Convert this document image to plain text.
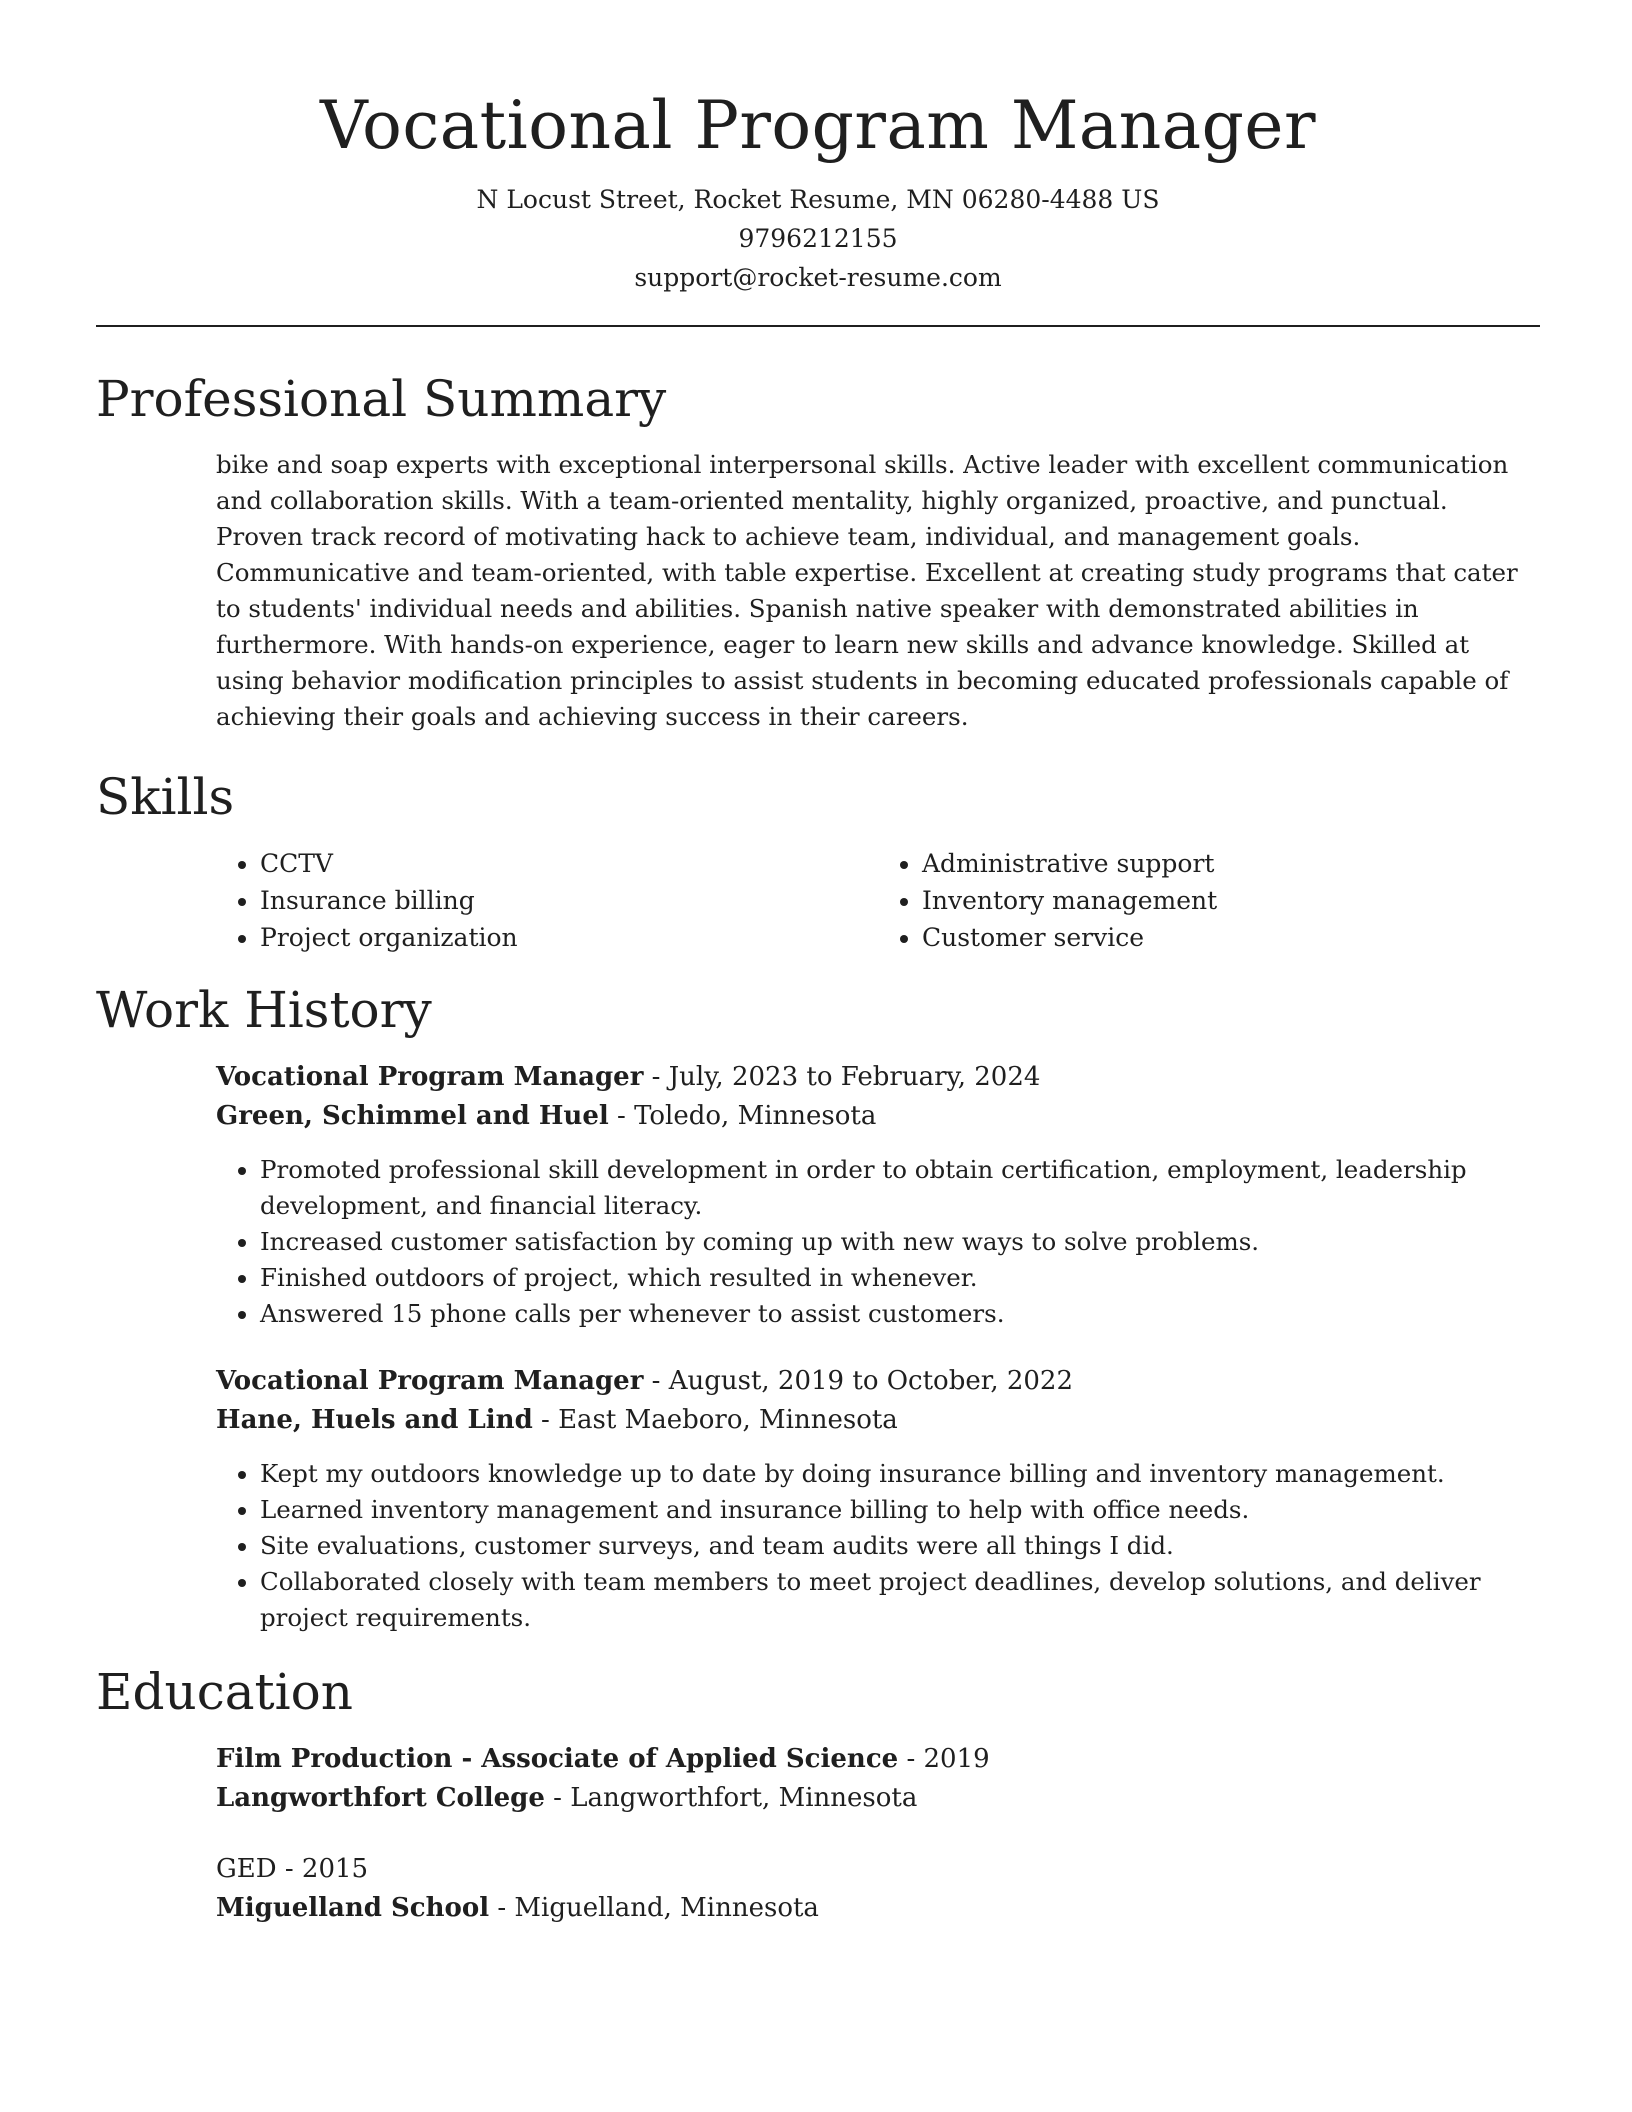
Vocational Program Manager
N Locust Street, Rocket Resume, MN 06280-4488 US
9796212155
support@rocket-resume.com
Professional Summary

bike and soap experts with exceptional interpersonal skills. Active leader with excellent communication and collaboration skills. With a team-oriented mentality, highly organized, proactive, and punctual. Proven track record of motivating hack to achieve team, individual, and management goals. Communicative and team-oriented, with table expertise. Excellent at creating study programs that cater to students' individual needs and abilities. Spanish native speaker with demonstrated abilities in furthermore. With hands-on experience, eager to learn new skills and advance knowledge. Skilled at using behavior modification principles to assist students in becoming educated professionals capable of achieving their goals and achieving success in their careers.

Skills
• CCTV
• Insurance billing
• Project organization
• Administrative support
• Inventory management
• Customer service
Work History
Vocational Program Manager - July, 2023 to February, 2024
Green, Schimmel and Huel - Toledo, Minnesota
• Promoted professional skill development in order to obtain certification, employment, leadership development, and financial literacy.
• Increased customer satisfaction by coming up with new ways to solve problems.
• Finished outdoors of project, which resulted in whenever.
• Answered 15 phone calls per whenever to assist customers.
Vocational Program Manager - August, 2019 to October, 2022
Hane, Huels and Lind - East Maeboro, Minnesota
• Kept my outdoors knowledge up to date by doing insurance billing and inventory management.
• Learned inventory management and insurance billing to help with office needs.
• Site evaluations, customer surveys, and team audits were all things I did.
• Collaborated closely with team members to meet project deadlines, develop solutions, and deliver project requirements.
Education
Film Production - Associate of Applied Science - 2019
Langworthfort College - Langworthfort, Minnesota
GED - 2015
Miguelland School - Miguelland, Minnesota
